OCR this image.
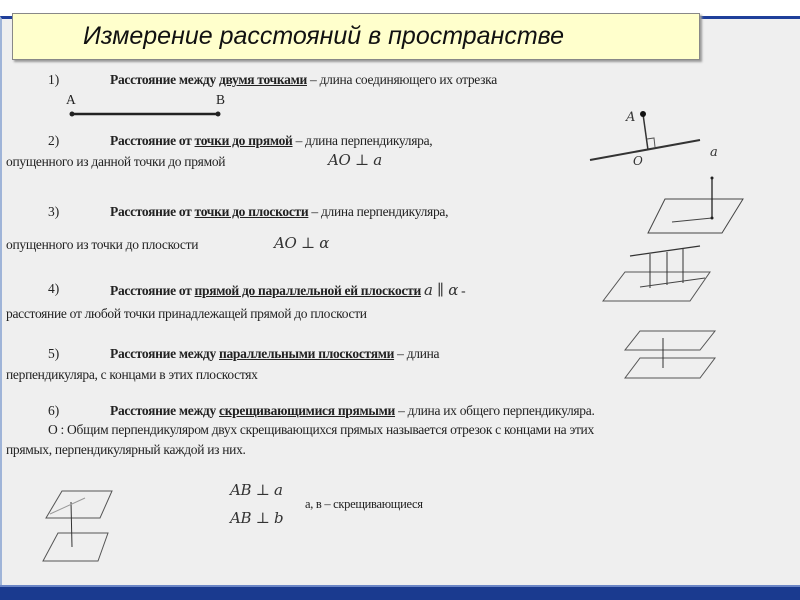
Измерение расстояний в пространстве
1)	Расстояние между двумя точками – длина соединяющего их отрезка
A	B
2)	Расстояние от точки до прямой – длина перпендикуляра,
опущенного из данной точки до прямой	AO ⊥ a
A
O
a
3)	Расстояние от точки до плоскости – длина перпендикуляра,
опущенного из точки до плоскости	AO ⊥ α
4)	Расстояние от прямой до параллельной ей плоскости a ∥ α -
расстояние от любой точки принадлежащей прямой до плоскости
5)	Расстояние между параллельными плоскостями – длина
перпендикуляра, с концами в этих плоскостях
6)	Расстояние между скрещивающимися прямыми – длина их общего перпендикуляра.
О : Общим перпендикуляром двух скрещивающихся прямых называется отрезок с концами на этих
прямых, перпендикулярный каждой из них.
AB ⊥ a
AB ⊥ b
a, в – скрещивающиеся
